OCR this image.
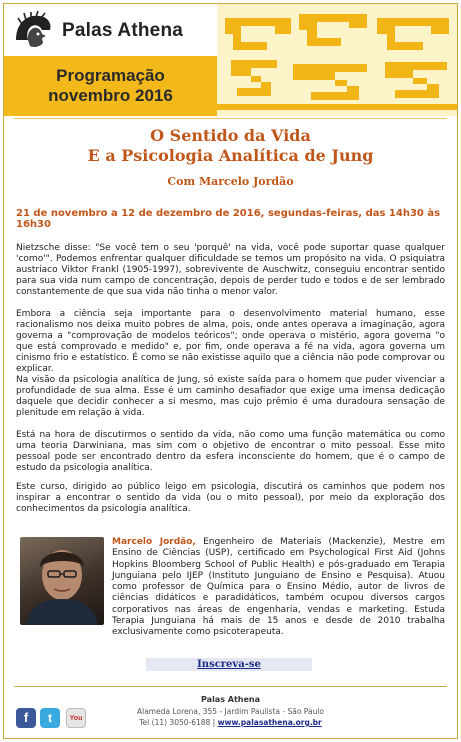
Palas Athena
Programação
novembro 2016
O Sentido da Vida
E a Psicologia Analítica de Jung
Com Marcelo Jordão
21 de novembro a 12 de dezembro de 2016, segundas-feiras, das 14h30 às 16h30

Nietzsche disse: "Se você tem o seu 'porquê' na vida, você pode suportar quase qualquer 'como'". Podemos enfrentar qualquer dificuldade se temos um propósito na vida. O psiquiatra austríaco Viktor Frankl (1905-1997), sobrevivente de Auschwitz, conseguiu encontrar sentido para sua vida num campo de concentração, depois de perder tudo e todos e de ser lembrado constantemente de que sua vida não tinha o menor valor.

Embora a ciência seja importante para o desenvolvimento material humano, esse racionalismo nos deixa muito pobres de alma, pois, onde antes operava a imaginação, agora governa a "comprovação de modelos teóricos"; onde operava o mistério, agora governa "o que está comprovado e medido" e, por fim, onde operava a fé na vida, agora governa um cinismo frio e estatístico. É como se não existisse aquilo que a ciência não pode comprovar ou explicar.

Na visão da psicologia analítica de Jung, só existe saída para o homem que puder vivenciar a profundidade de sua alma. Esse é um caminho desafiador que exige uma imensa dedicação daquele que decidir conhecer a si mesmo, mas cujo prêmio é uma duradoura sensação de plenitude em relação à vida.

Está na hora de discutirmos o sentido da vida, não como uma função matemática ou como uma teoria Darwiniana, mas sim com o objetivo de encontrar o mito pessoal. Esse mito pessoal pode ser encontrado dentro da esfera inconsciente do homem, que é o campo de estudo da psicologia analítica.

Este curso, dirigido ao público leigo em psicologia, discutirá os caminhos que podem nos inspirar a encontrar o sentido da vida (ou o mito pessoal), por meio da exploração dos conhecimentos da psicologia analítica.

Marcelo Jordão, Engenheiro de Materiais (Mackenzie), Mestre em Ensino de Ciências (USP), certificado em Psychological First Aid (Johns Hopkins Bloomberg School of Public Health) e pós-graduado em Terapia Junguiana pelo IJEP (Instituto Junguiano de Ensino e Pesquisa). Atuou como professor de Química para o Ensino Médio, autor de livros de ciências didáticos e paradidáticos, também ocupou diversos cargos corporativos nas áreas de engenharia, vendas e marketing. Estuda Terapia Junguiana há mais de 15 anos e desde de 2010 trabalha exclusivamente como psicoterapeuta.

Inscreva-se
f	t	You
Palas Athena
Alameda Lorena, 355 - Jardim Paulista - São Paulo
Tel (11) 3050-6188 | www.palasathena.org.br
